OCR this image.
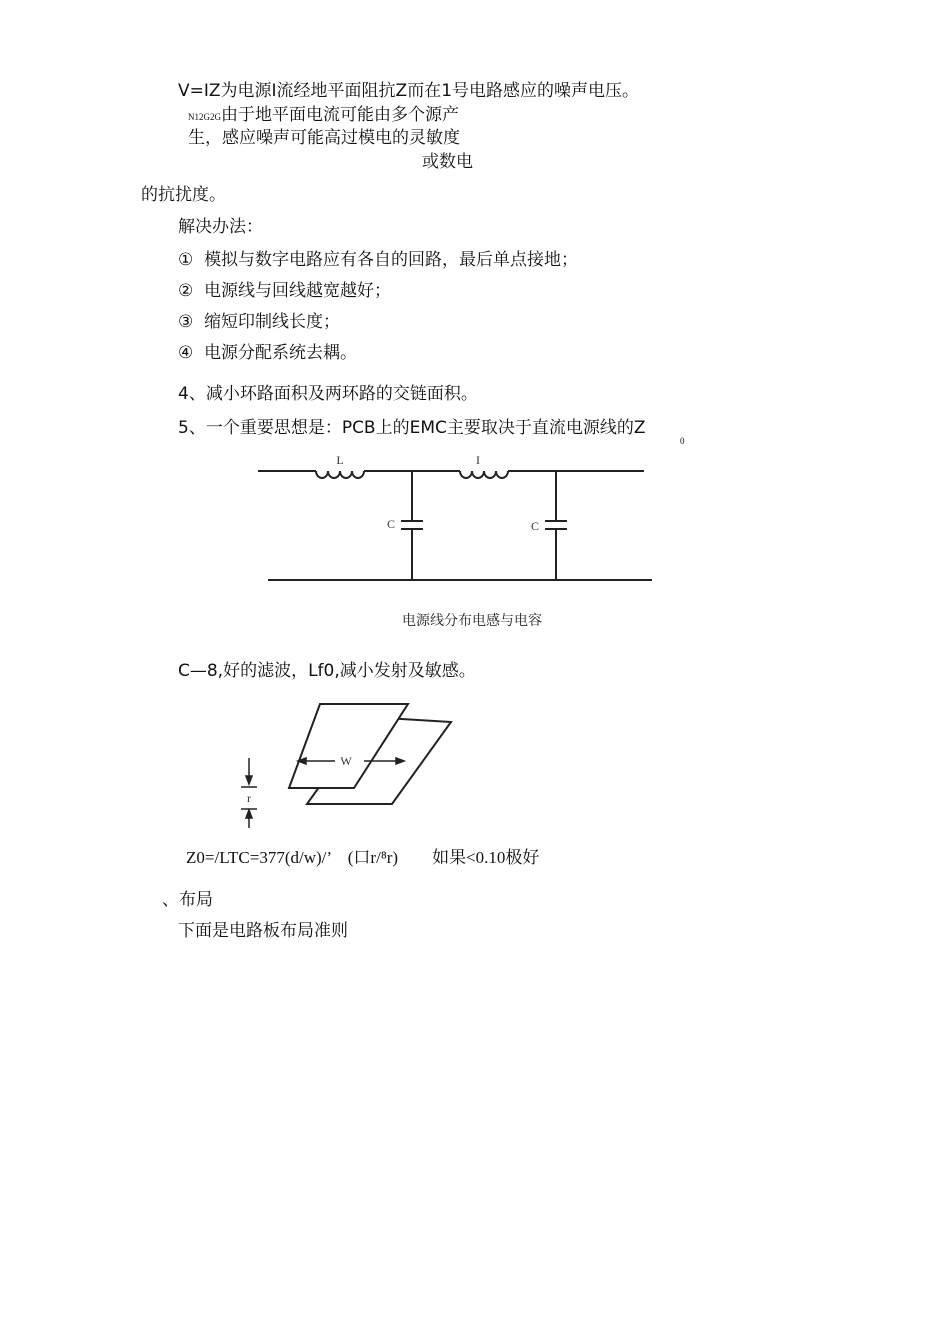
V=IZ为电源I流经地平面阻抗Z而在1号电路感应的噪声电压。
N12G2G由于地平面电流可能由多个源产
生，感应噪声可能高过模电的灵敏度
或数电
的抗扰度。
解决办法：
① 模拟与数字电路应有各自的回路，最后单点接地；
② 电源线与回线越宽越好；
③ 缩短印制线长度；
④ 电源分配系统去耦。
4、减小环路面积及两环路的交链面积。
5、一个重要思想是：PCB上的EMC主要取决于直流电源线的Z
0
L	I
C	C
电源线分布电感与电容
C—8,好的滤波，Lf0,减小发射及敏感。
W
r
Z0=/LTC=377(d/w)/’　(口r/⁸r)　　如果<0.10极好
、布局
下面是电路板布局准则
